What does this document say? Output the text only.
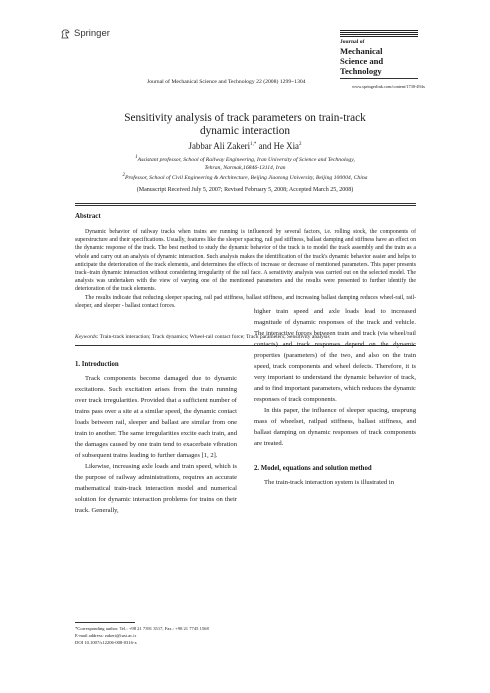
Springer
Journal of Mechanical Science and Technology 22 (2008) 1299~1304
Journal of
Mechanical
Science and
Technology
www.springerlink.com/content/1738-494x
Sensitivity analysis of track parameters on train-track
dynamic interaction
Jabbar Ali Zakeri$^{1,*}$ and He Xia$^2$
$^1$Assistant professor, School of Railway Engineering, Iran University of Science and Technology,
Tehran, Narmak,16846-13114, Iran
$^2$Professor, School of Civil Engineering & Architecture, Beijing Jiaotong University, Beijing 100004, China
(Manuscript Received July 5, 2007; Revised February 5, 2008; Accepted March 25, 2008)
Abstract

Dynamic behavior of railway tracks when trains are running is influenced by several factors, i.e. rolling stock, the components of superstructure and their specifications. Usually, features like the sleeper spacing, rail pad stiffness, ballast damping and stiffness have an effect on the dynamic response of the track. The best method to study the dynamic behavior of the track is to model the track assembly and the train as a whole and carry out an analysis of dynamic interaction. Such analysis makes the identification of the track's dynamic behavior easier and helps to anticipate the deterioration of the track elements, and determines the effects of increase or decrease of mentioned parameters. This paper presents track–train dynamic interaction without considering irregularity of the rail face. A sensitivity analysis was carried out on the selected model. The analysis was undertaken with the view of varying one of the mentioned parameters and the results were presented to further identify the deterioration of the track elements.

The results indicate that reducing sleeper spacing, rail pad stiffness, ballast stiffness, and increasing ballast damping reduces wheel-rail, rail-sleeper, and sleeper - ballast contact forces.

Keywords: Train-track interaction; Track dynamics; Wheel-rail contact force; Track parameters; Sensitivity analysis

1. Introduction

Track components become damaged due to dynamic excitations. Such excitation arises from the train running over track irregularities. Provided that a sufficient number of trains pass over a site at a similar speed, the dynamic contact loads between rail, sleeper and ballast are similar from one train to another. The same irregularities excite each train, and the damages caused by one train tend to exacerbate vibration of subsequent trains leading to further damages [1, 2].

Likewise, increasing axle loads and train speed, which is the purpose of railway administrations, requires an accurate mathematical train-track interaction model and numerical solution for dynamic interaction problems for trains on their track. Generally,

higher train speed and axle loads lead to increased magnitude of dynamic responses of the track and vehicle. The interactive forces between train and track (via wheel/rail contacts) and track responses depend on the dynamic properties (parameters) of the two, and also on the train speed, track components and wheel defects. Therefore, it is very important to understand the dynamic behavior of track, and to find important parameters, which reduces the dynamic responses of track components.

In this paper, the influence of sleeper spacing, unsprung mass of wheelset, railpad stiffness, ballast stiffness, and ballast damping on dynamic responses of track components are treated.

2. Model, equations and solution method

The train-track interaction system is illustrated in

*Corresponding author. Tel.: +98 21 7391 3517, Fax.: +98 21 7745 1568
E-mail address: zakeri@iust.ac.ir
DOI 10.1007/s12206-008-0316-x
